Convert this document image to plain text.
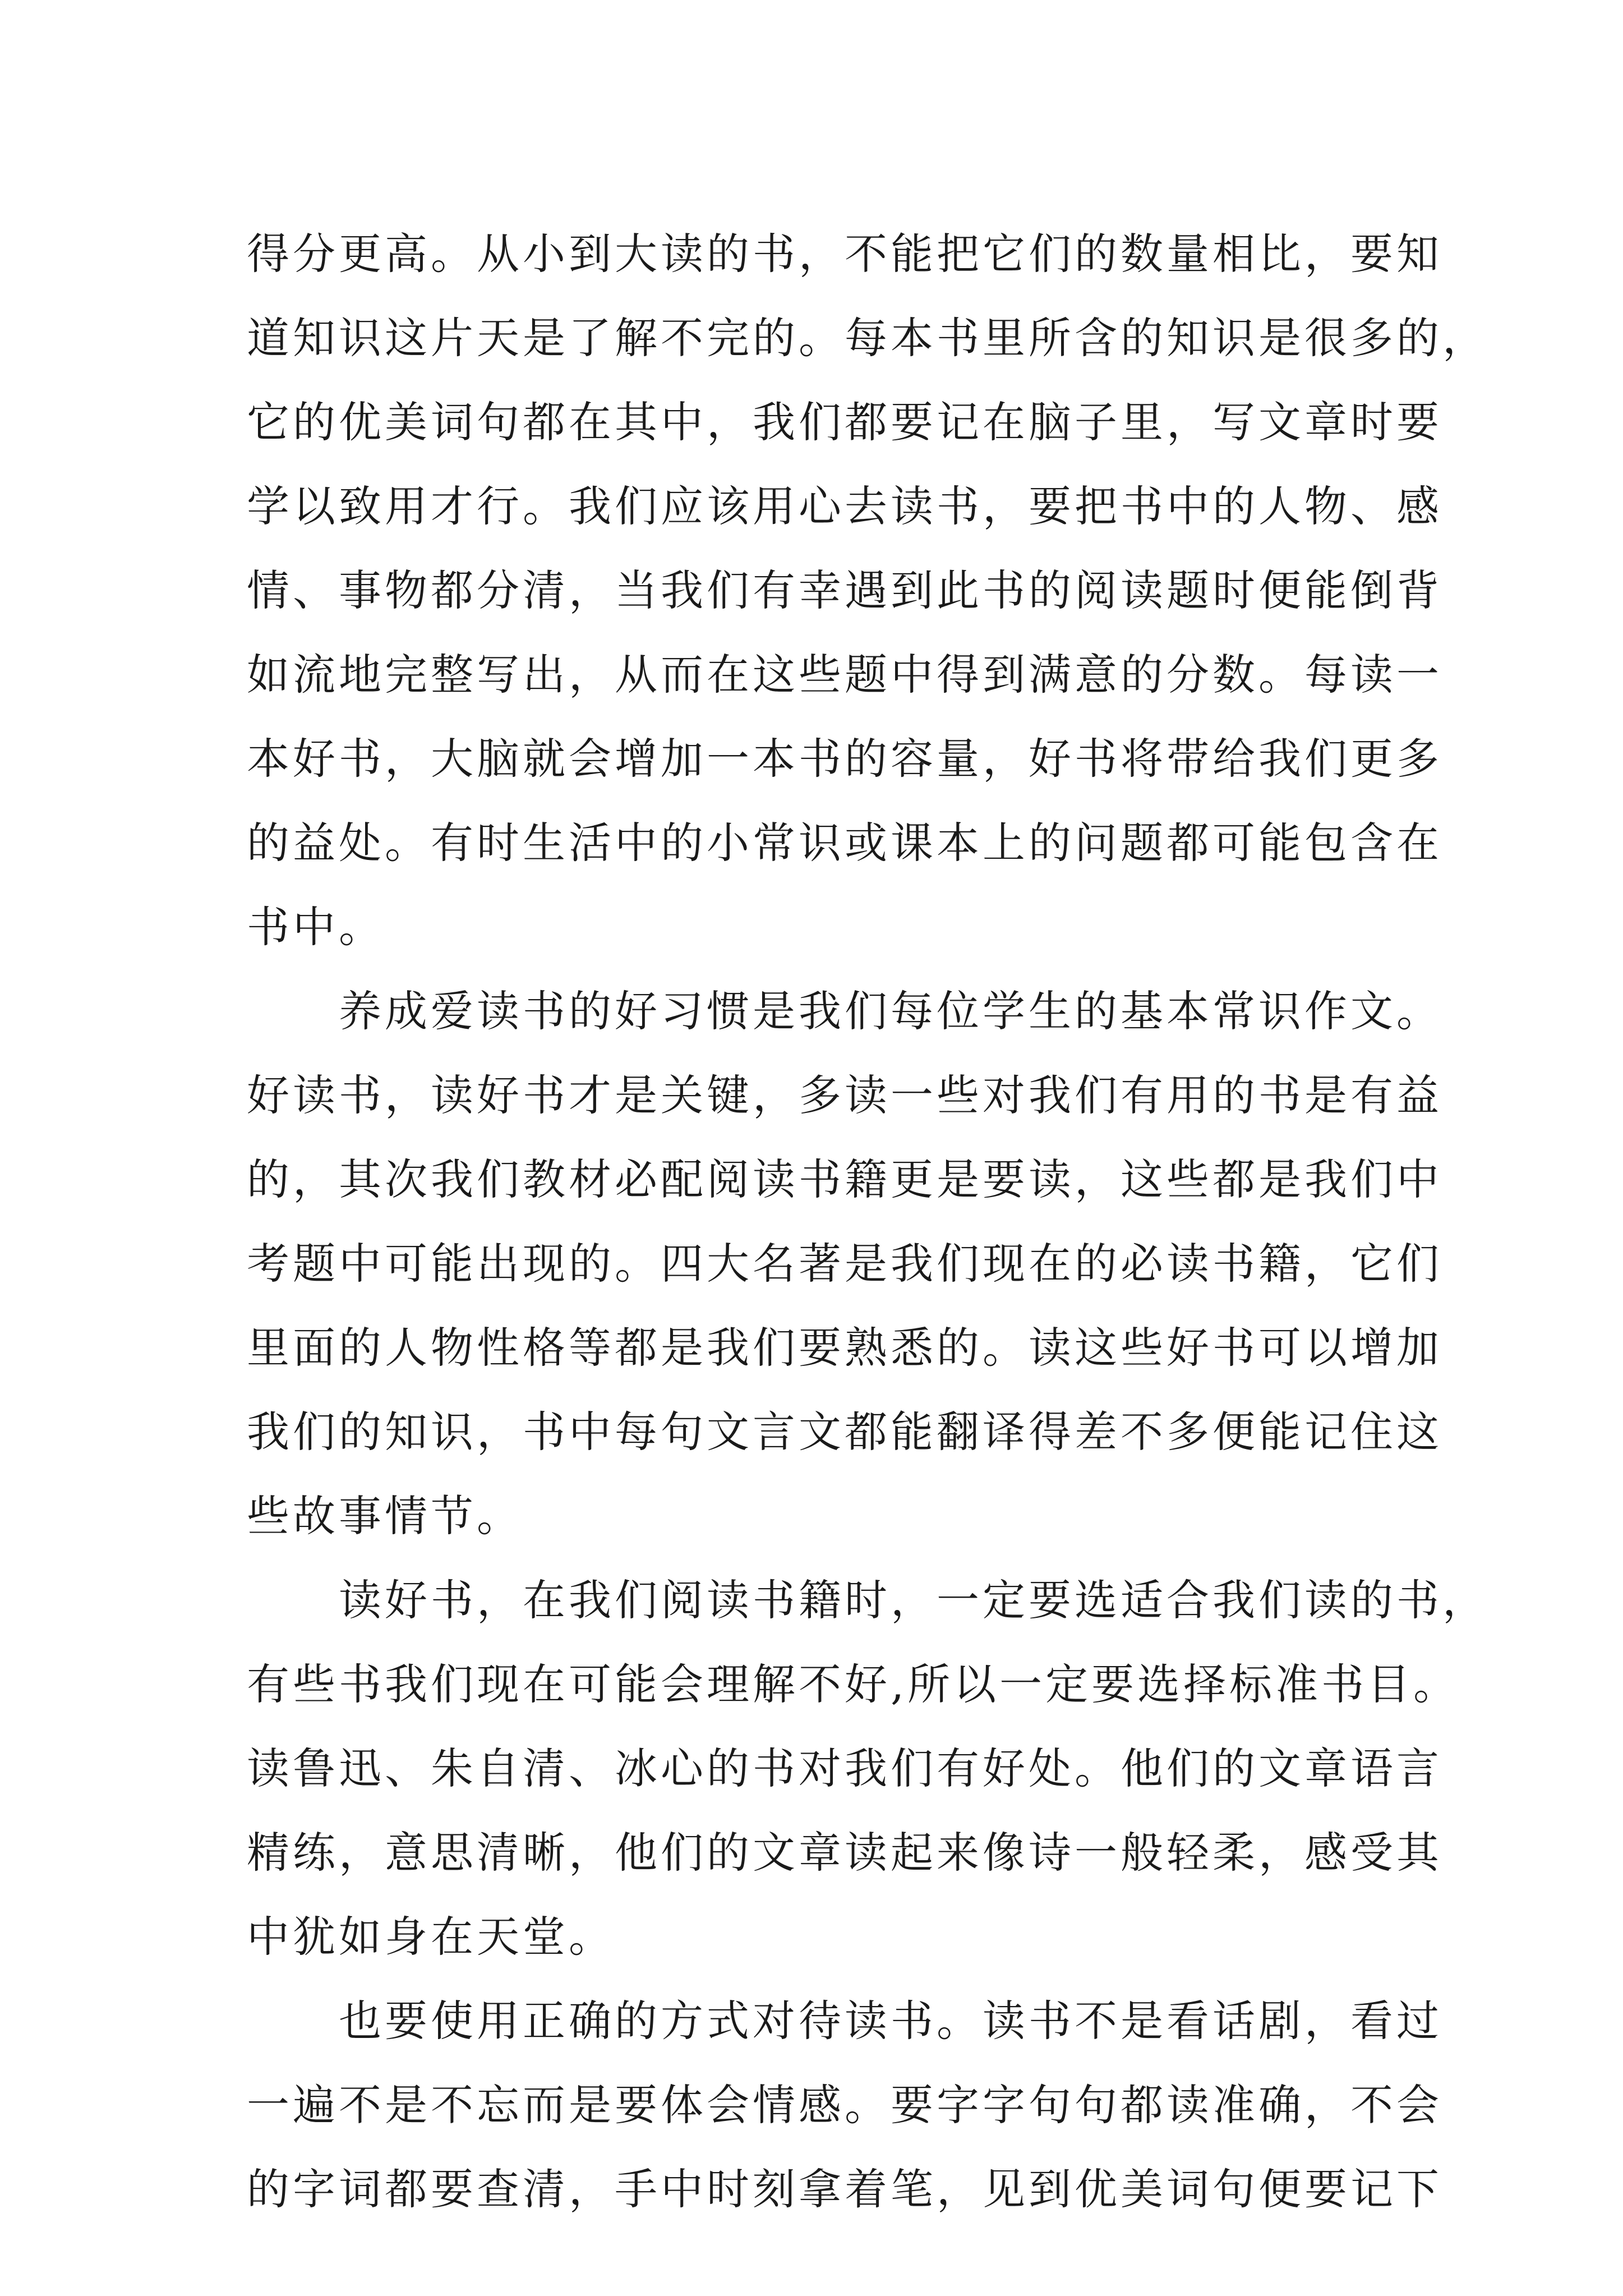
得分更高。从小到大读的书，不能把它们的数量相比，要知
道知识这片天是了解不完的。每本书里所含的知识是很多的，
它的优美词句都在其中，我们都要记在脑子里，写文章时要
学以致用才行。我们应该用心去读书，要把书中的人物、感
情、事物都分清，当我们有幸遇到此书的阅读题时便能倒背
如流地完整写出，从而在这些题中得到满意的分数。每读一
本好书，大脑就会增加一本书的容量，好书将带给我们更多
的益处。有时生活中的小常识或课本上的问题都可能包含在
书中。
　　养成爱读书的好习惯是我们每位学生的基本常识作文。
好读书，读好书才是关键，多读一些对我们有用的书是有益
的，其次我们教材必配阅读书籍更是要读，这些都是我们中
考题中可能出现的。四大名著是我们现在的必读书籍，它们
里面的人物性格等都是我们要熟悉的。读这些好书可以增加
我们的知识，书中每句文言文都能翻译得差不多便能记住这
些故事情节。
　　读好书，在我们阅读书籍时，一定要选适合我们读的书，
有些书我们现在可能会理解不好,所以一定要选择标准书目。
读鲁迅、朱自清、冰心的书对我们有好处。他们的文章语言
精练，意思清晰，他们的文章读起来像诗一般轻柔，感受其
中犹如身在天堂。
　　也要使用正确的方式对待读书。读书不是看话剧，看过
一遍不是不忘而是要体会情感。要字字句句都读准确，不会
的字词都要查清，手中时刻拿着笔，见到优美词句便要记下
